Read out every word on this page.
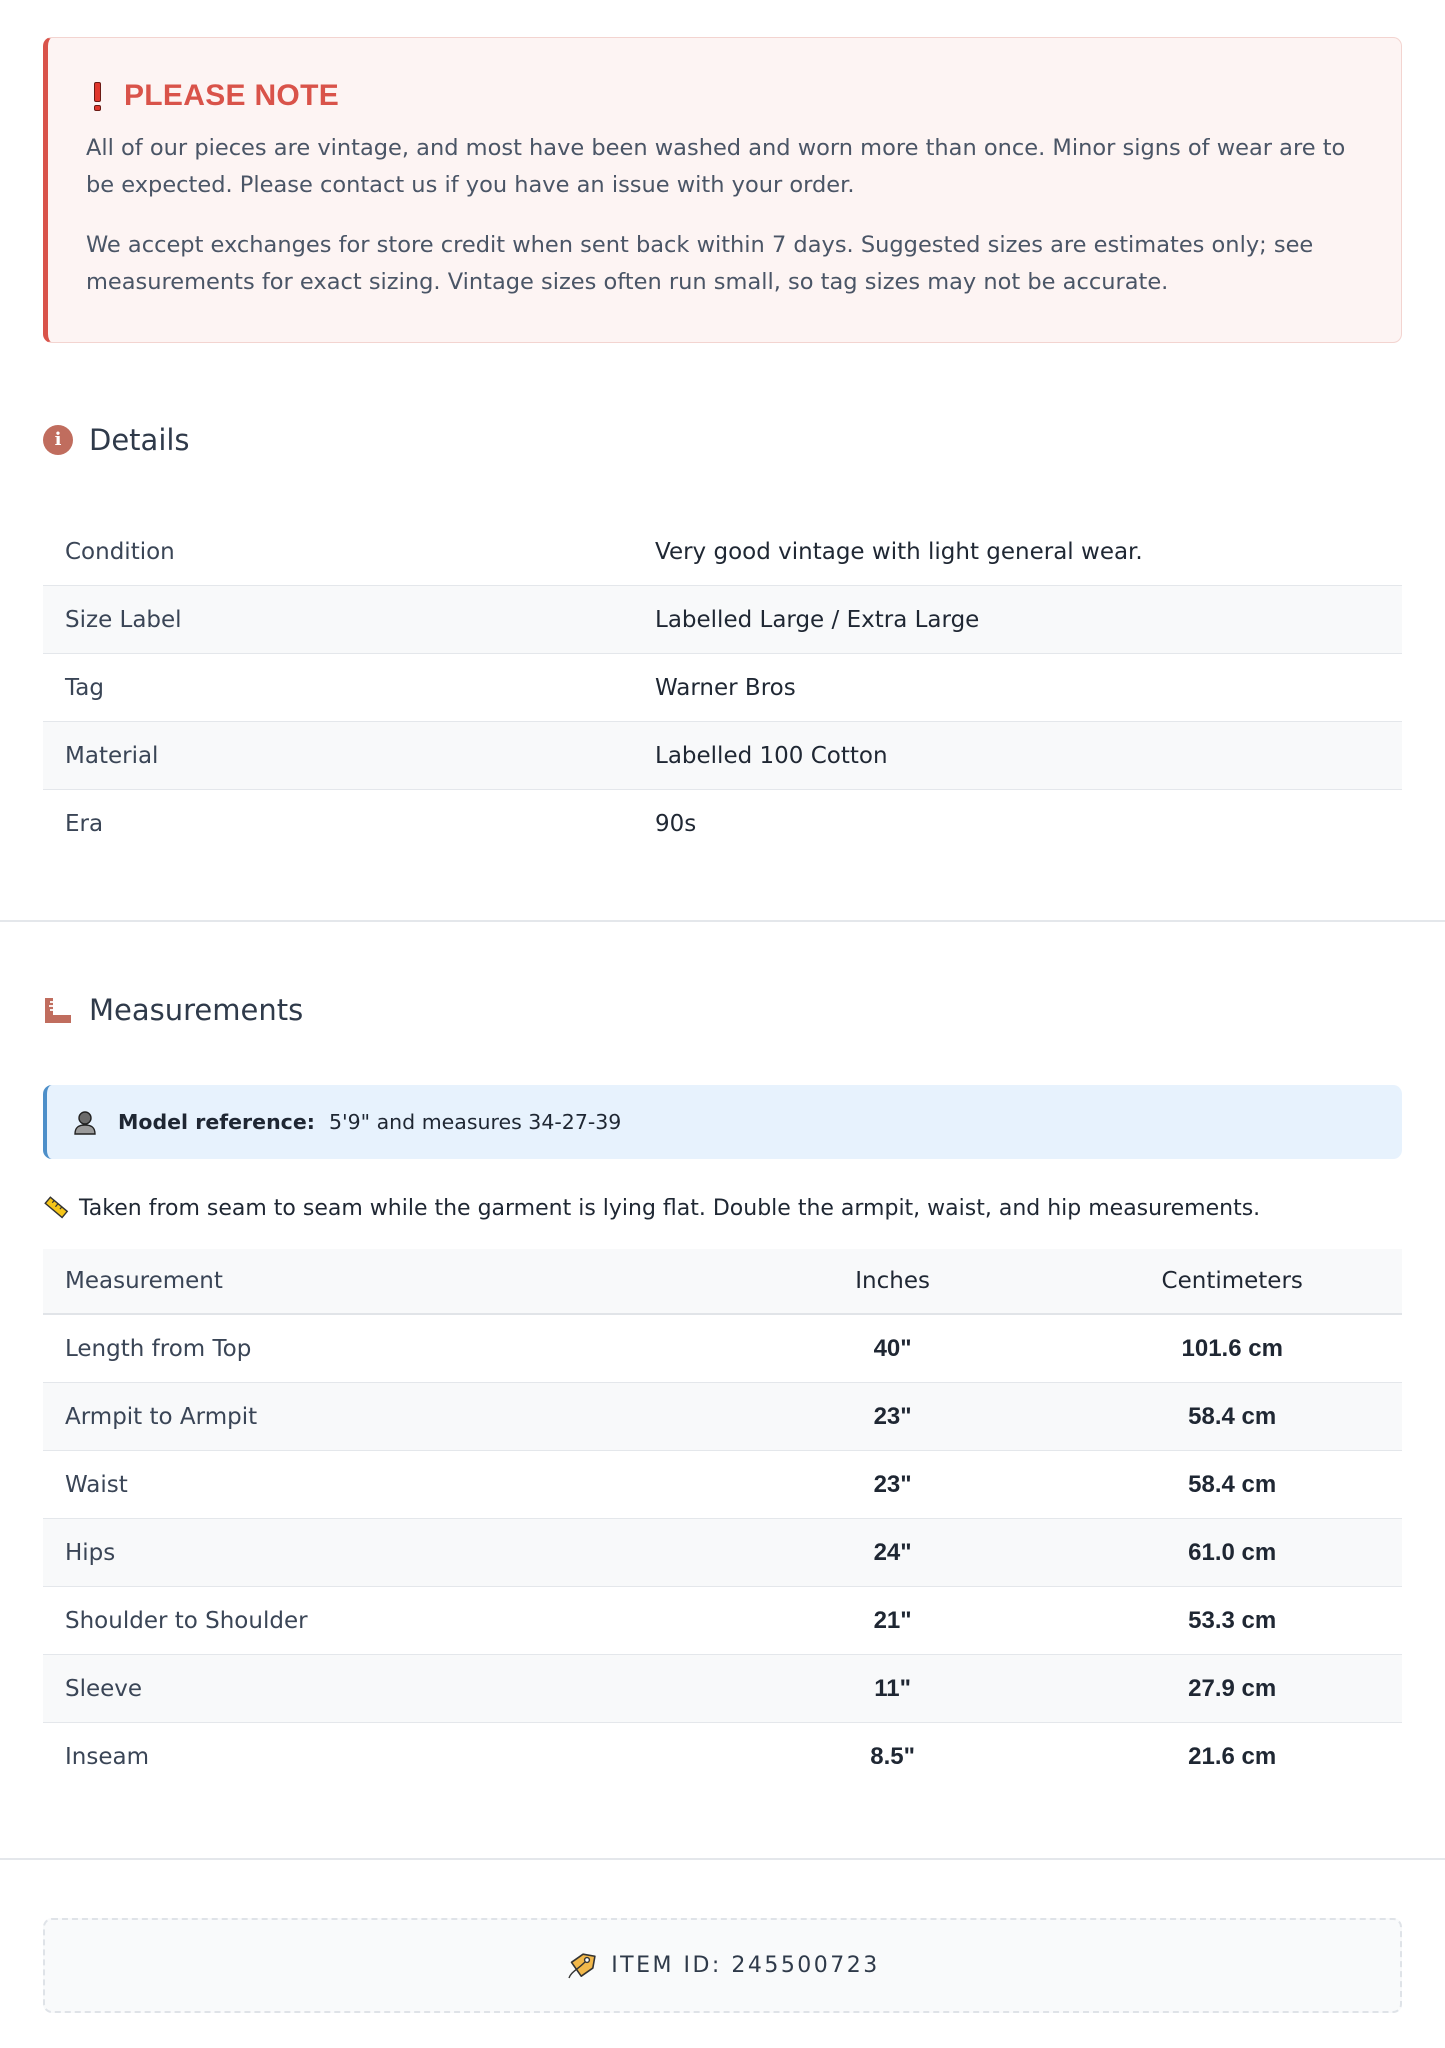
PLEASE NOTE

All of our pieces are vintage, and most have been washed and worn more than once. Minor signs of wear are to be expected. Please contact us if you have an issue with your order.

We accept exchanges for store credit when sent back within 7 days. Suggested sizes are estimates only; see measurements for exact sizing. Vintage sizes often run small, so tag sizes may not be accurate.

i Details
Condition	Very good vintage with light general wear.
Size Label	Labelled Large / Extra Large
Tag	Warner Bros
Material	Labelled 100 Cotton
Era	90s
Measurements
Model reference: 5'9" and measures 34-27-39
Taken from seam to seam while the garment is lying flat. Double the armpit, waist, and hip measurements.
Measurement	Inches	Centimeters
Length from Top	40"	101.6 cm
Armpit to Armpit	23"	58.4 cm
Waist	23"	58.4 cm
Hips	24"	61.0 cm
Shoulder to Shoulder	21"	53.3 cm
Sleeve	11"	27.9 cm
Inseam	8.5"	21.6 cm
ITEM ID: 245500723
